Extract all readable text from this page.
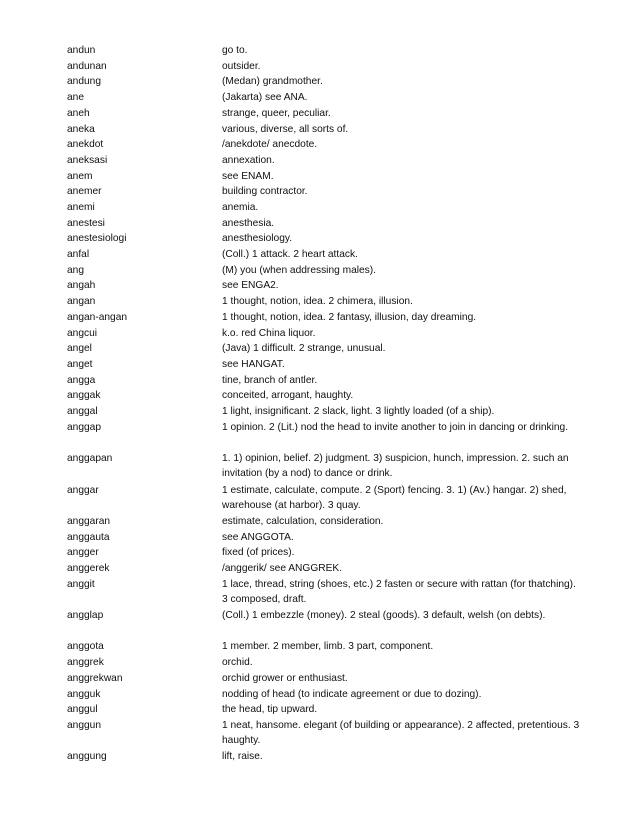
andun	go to.
andunan	outsider.
andung	(Medan) grandmother.
ane	(Jakarta) see ANA.
aneh	strange, queer, peculiar.
aneka	various, diverse, all sorts of.
anekdot	/anekdote/ anecdote.
aneksasi	annexation.
anem	see ENAM.
anemer	building contractor.
anemi	anemia.
anestesi	anesthesia.
anestesiologi	anesthesiology.
anfal	(Coll.) 1 attack. 2 heart attack.
ang	(M) you (when addressing males).
angah	see ENGA2.
angan	1 thought, notion, idea. 2 chimera, illusion.
angan-angan	1 thought, notion, idea. 2 fantasy, illusion, day dreaming.
angcui	k.o. red China liquor.
angel	(Java) 1 difficult. 2 strange, unusual.
anget	see HANGAT.
angga	tine, branch of antler.
anggak	conceited, arrogant, haughty.
anggal	1 light, insignificant. 2 slack, light. 3 lightly loaded (of a ship).
anggap	1 opinion. 2 (Lit.) nod the head to invite another to join in dancing or drinking.
anggapan	1. 1) opinion, belief. 2) judgment. 3) suspicion, hunch, impression. 2. such an invitation (by a nod) to dance or drink.
anggar	1 estimate, calculate, compute. 2 (Sport) fencing. 3. 1) (Av.) hangar. 2) shed, warehouse (at harbor). 3 quay.
anggaran	estimate, calculation, consideration.
anggauta	see ANGGOTA.
angger	fixed (of prices).
anggerek	/anggerik/ see ANGGREK.
anggit	1 lace, thread, string (shoes, etc.) 2 fasten or secure with rattan (for thatching). 3 composed, draft.
angglap	(Coll.) 1 embezzle (money). 2 steal (goods). 3 default, welsh (on debts).
anggota	1 member. 2 member, limb. 3 part, component.
anggrek	orchid.
anggrekwan	orchid grower or enthusiast.
angguk	nodding of head (to indicate agreement or due to dozing).
anggul	the head, tip upward.
anggun	1 neat, hansome. elegant (of building or appearance). 2 affected, pretentious. 3 haughty.
anggung	lift, raise.
